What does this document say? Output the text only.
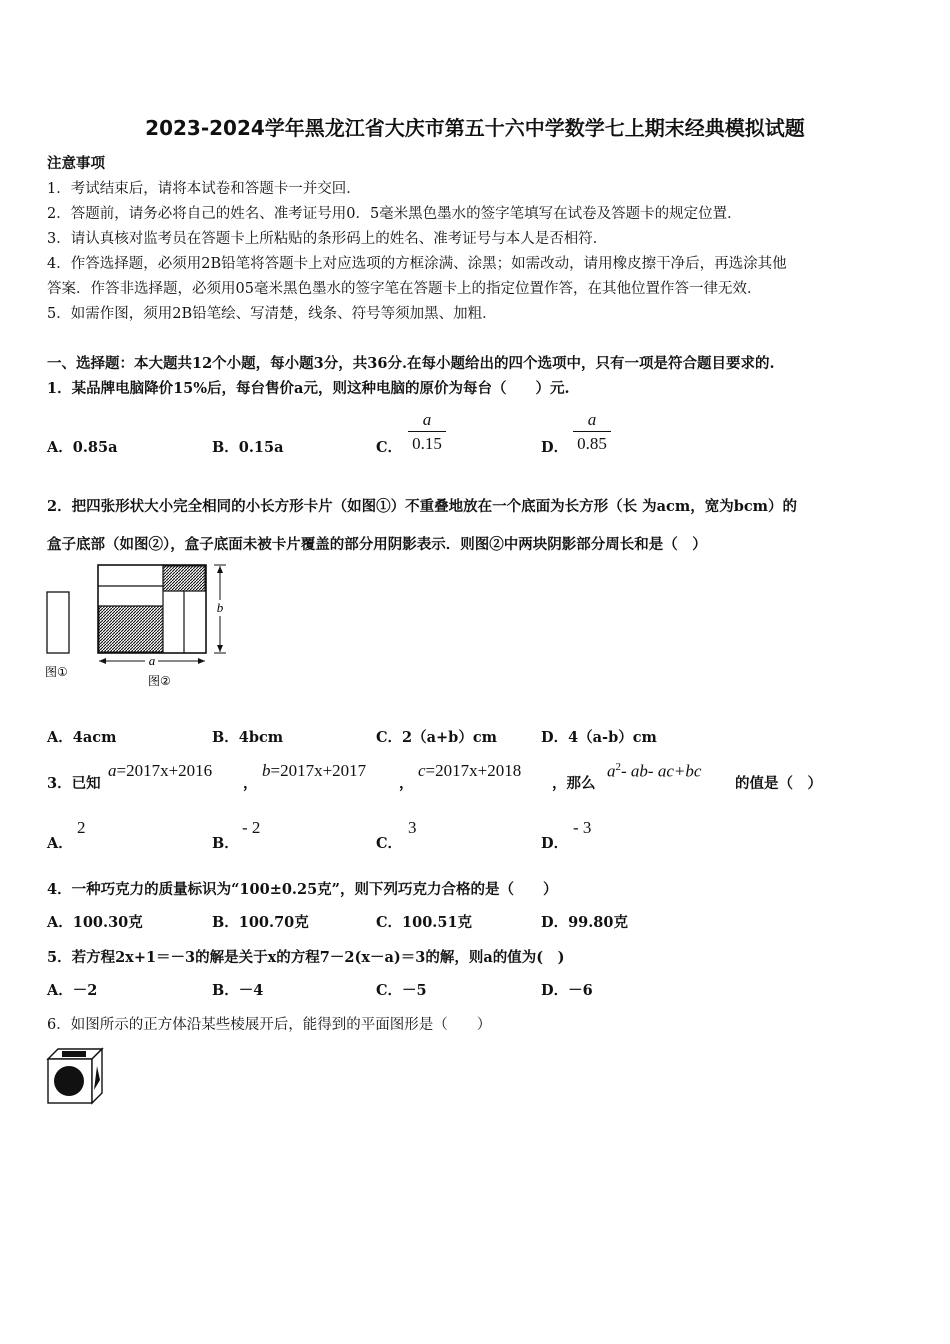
2023-2024学年黑龙江省大庆市第五十六中学数学七上期末经典模拟试题
注意事项
1．考试结束后，请将本试卷和答题卡一并交回．
2．答题前，请务必将自己的姓名、准考证号用0．5毫米黑色墨水的签字笔填写在试卷及答题卡的规定位置．
3．请认真核对监考员在答题卡上所粘贴的条形码上的姓名、准考证号与本人是否相符．
4．作答选择题，必须用2B铅笔将答题卡上对应选项的方框涂满、涂黑；如需改动，请用橡皮擦干净后，再选涂其他
答案．作答非选择题，必须用05毫米黑色墨水的签字笔在答题卡上的指定位置作答，在其他位置作答一律无效．
5．如需作图，须用2B铅笔绘、写清楚，线条、符号等须加黑、加粗．
一、选择题：本大题共12个小题，每小题3分，共36分.在每小题给出的四个选项中，只有一项是符合题目要求的.
1．某品牌电脑降价15%后，每台售价a元，则这种电脑的原价为每台（　　）元.
A．0.85a	B．0.15a	C．
a
0.15	D．
a
0.85
2．把四张形状大小完全相同的小长方形卡片（如图①）不重叠地放在一个底面为长方形（长 为acm，宽为bcm）的
盒子底部（如图②），盒子底面未被卡片覆盖的部分用阴影表示．则图②中两块阴影部分周长和是（　）
a
b
图①
图②
A．4acm	B．4bcm	C．2（a+b）cm	D．4（a-b）cm
3．已知
a=2017x+2016
，
b=2017x+2017
，
c=2017x+2018
，那么
$a^2-$ ab- ac+bc
的值是（　）
A．
2
B．
- 2
C．
3
D．
- 3
4．一种巧克力的质量标识为“100±0.25克”，则下列巧克力合格的是（　　）
A．100.30克	B．100.70克	C．100.51克	D．99.80克
5．若方程2x+1＝－3的解是关于x的方程7－2(x－a)＝3的解，则a的值为(　)
A．－2	B．－4	C．－5	D．－6
6．如图所示的正方体沿某些棱展开后，能得到的平面图形是（　　）
